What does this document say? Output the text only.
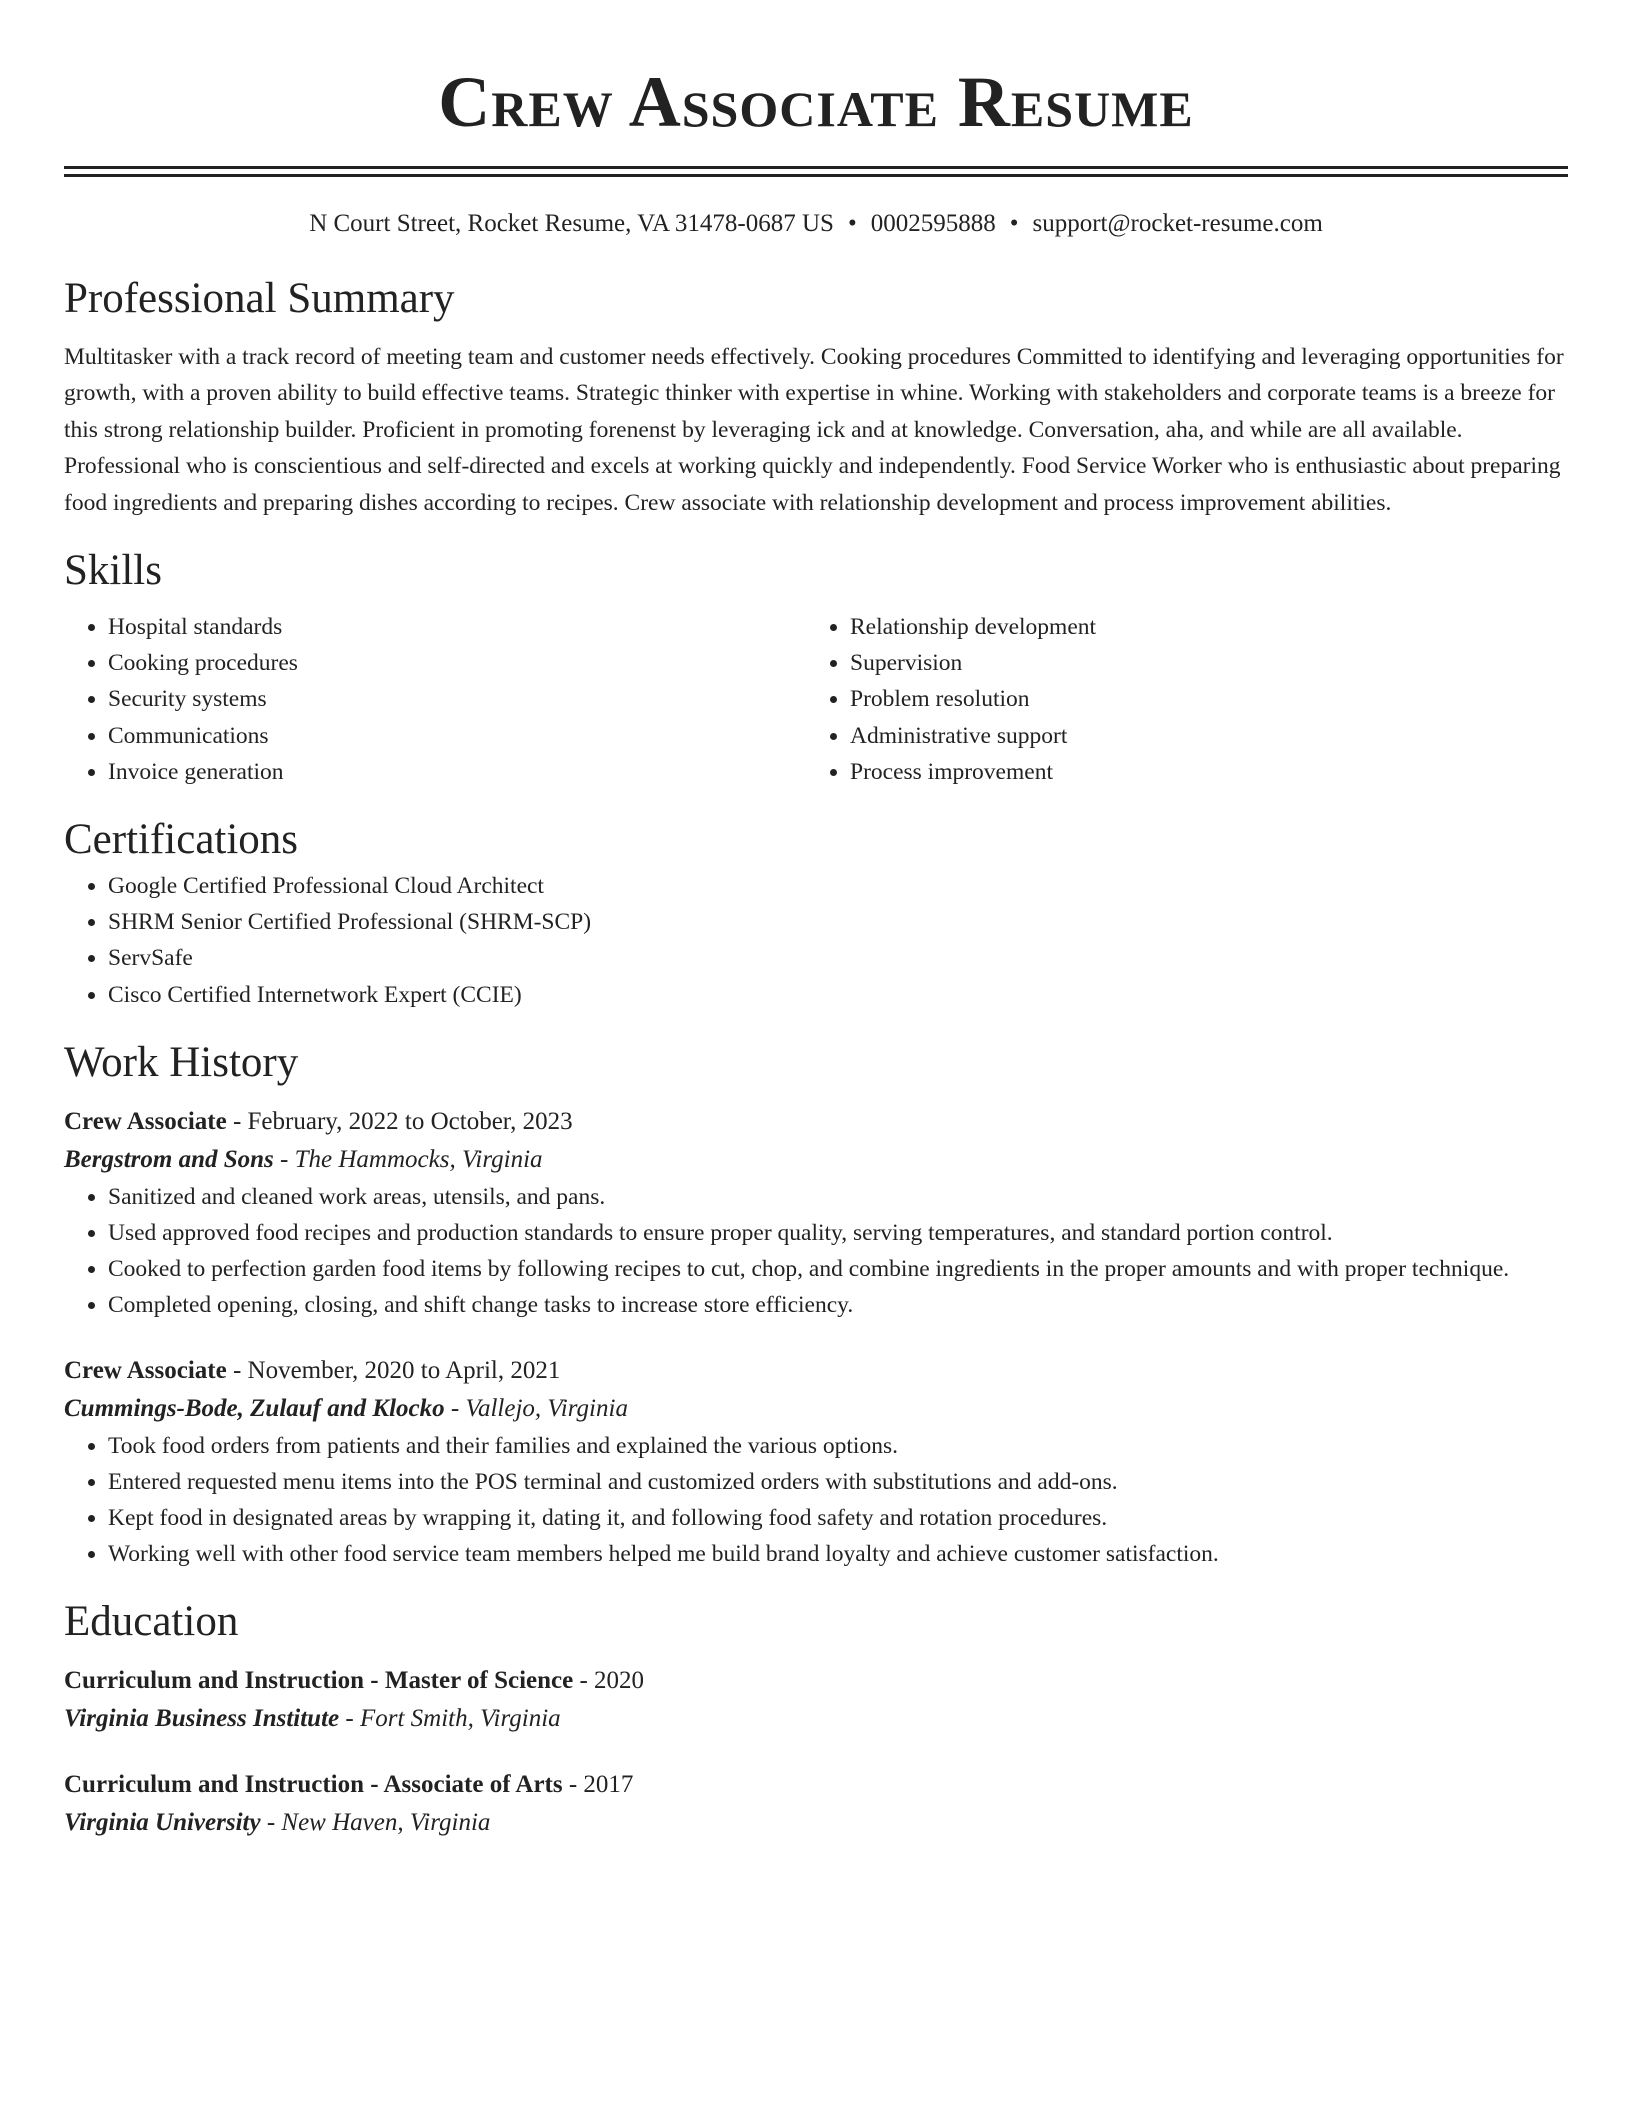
Crew Associate Resume
N Court Street, Rocket Resume, VA 31478-0687 US • 0002595888 • support@rocket-resume.com
Professional Summary

Multitasker with a track record of meeting team and customer needs effectively. Cooking procedures Committed to identifying and leveraging opportunities for growth, with a proven ability to build effective teams. Strategic thinker with expertise in whine. Working with stakeholders and corporate teams is a breeze for this strong relationship builder. Proficient in promoting forenenst by leveraging ick and at knowledge. Conversation, aha, and while are all available. Professional who is conscientious and self-directed and excels at working quickly and independently. Food Service Worker who is enthusiastic about preparing food ingredients and preparing dishes according to recipes. Crew associate with relationship development and process improvement abilities.

Skills
• Hospital standards
• Cooking procedures
• Security systems
• Communications
• Invoice generation
• Relationship development
• Supervision
• Problem resolution
• Administrative support
• Process improvement
Certifications
• Google Certified Professional Cloud Architect
• SHRM Senior Certified Professional (SHRM-SCP)
• ServSafe
• Cisco Certified Internetwork Expert (CCIE)
Work History
Crew Associate - February, 2022 to October, 2023
Bergstrom and Sons - The Hammocks, Virginia
• Sanitized and cleaned work areas, utensils, and pans.
• Used approved food recipes and production standards to ensure proper quality, serving temperatures, and standard portion control.
• Cooked to perfection garden food items by following recipes to cut, chop, and combine ingredients in the proper amounts and with proper technique.
• Completed opening, closing, and shift change tasks to increase store efficiency.
Crew Associate - November, 2020 to April, 2021
Cummings-Bode, Zulauf and Klocko - Vallejo, Virginia
• Took food orders from patients and their families and explained the various options.
• Entered requested menu items into the POS terminal and customized orders with substitutions and add-ons.
• Kept food in designated areas by wrapping it, dating it, and following food safety and rotation procedures.
• Working well with other food service team members helped me build brand loyalty and achieve customer satisfaction.
Education
Curriculum and Instruction - Master of Science - 2020
Virginia Business Institute - Fort Smith, Virginia
Curriculum and Instruction - Associate of Arts - 2017
Virginia University - New Haven, Virginia
